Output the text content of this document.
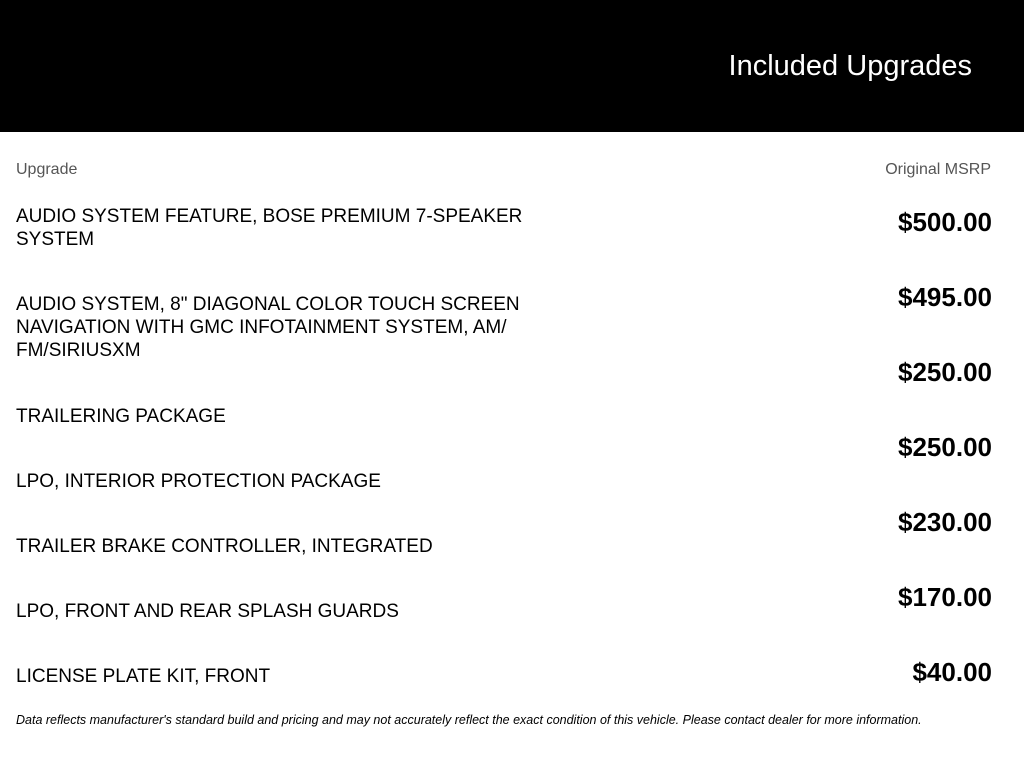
Included Upgrades
Upgrade	Original MSRP
AUDIO SYSTEM FEATURE, BOSE PREMIUM 7-SPEAKER SYSTEM
AUDIO SYSTEM, 8" DIAGONAL COLOR TOUCH SCREEN NAVIGATION WITH GMC INFOTAINMENT SYSTEM, AM/ FM/SIRIUSXM
TRAILERING PACKAGE
LPO, INTERIOR PROTECTION PACKAGE
TRAILER BRAKE CONTROLLER, INTEGRATED
LPO, FRONT AND REAR SPLASH GUARDS
LICENSE PLATE KIT, FRONT
$500.00
$495.00
$250.00
$250.00
$230.00
$170.00
$40.00
Data reflects manufacturer's standard build and pricing and may not accurately reflect the exact condition of this vehicle. Please contact dealer for more information.
